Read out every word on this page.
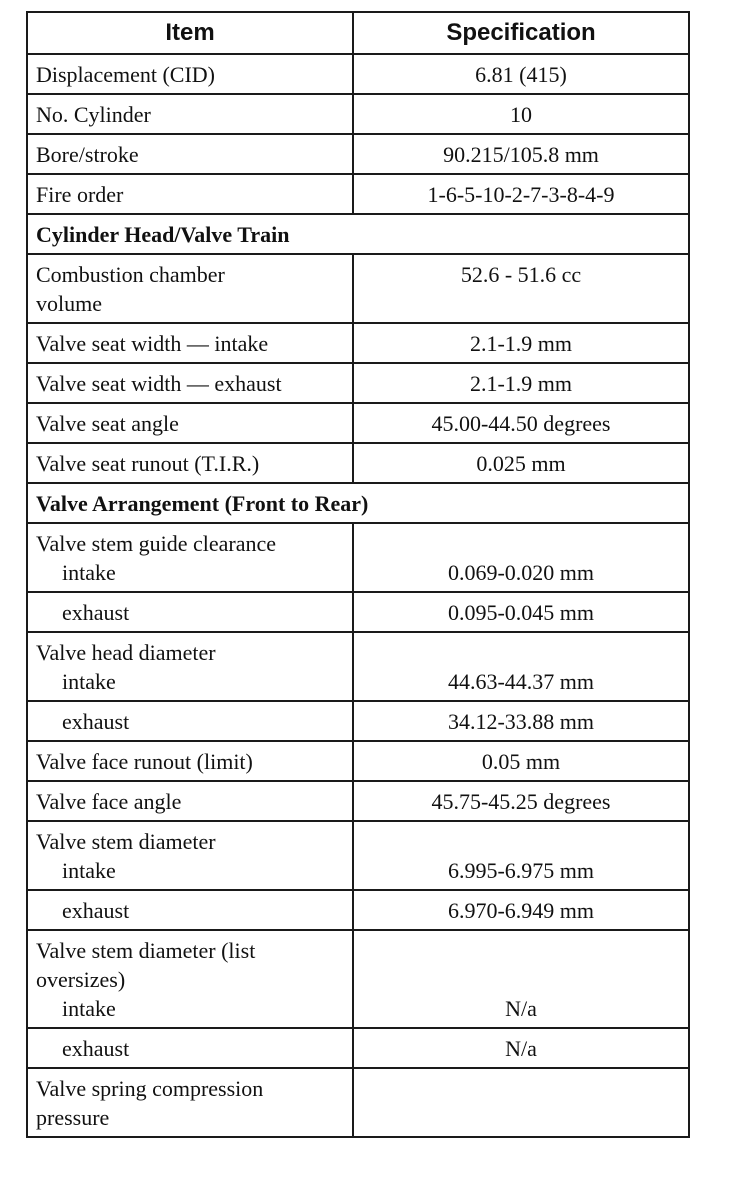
Item	Specification
Displacement (CID)	6.81 (415)
No. Cylinder	10
Bore/stroke	90.215/105.8 mm
Fire order	1-6-5-10-2-7-3-8-4-9
Cylinder Head/Valve Train	

Combustion chamber
volume	52.6 - 51.6 cc
Valve seat width — intake	2.1-1.9 mm
Valve seat width — exhaust	2.1-1.9 mm
Valve seat angle	45.00-44.50 degrees
Valve seat runout (T.I.R.)	0.025 mm
Valve Arrangement (Front to Rear)	

Valve stem guide clearance
intake	0.069-0.020 mm
exhaust	0.095-0.045 mm

Valve head diameter
intake	44.63-44.37 mm
exhaust	34.12-33.88 mm
Valve face runout (limit)	0.05 mm
Valve face angle	45.75-45.25 degrees

Valve stem diameter
intake	6.995-6.975 mm
exhaust	6.970-6.949 mm

Valve stem diameter (list
oversizes)
intake	N/a
exhaust	N/a

Valve spring compression
pressure	
